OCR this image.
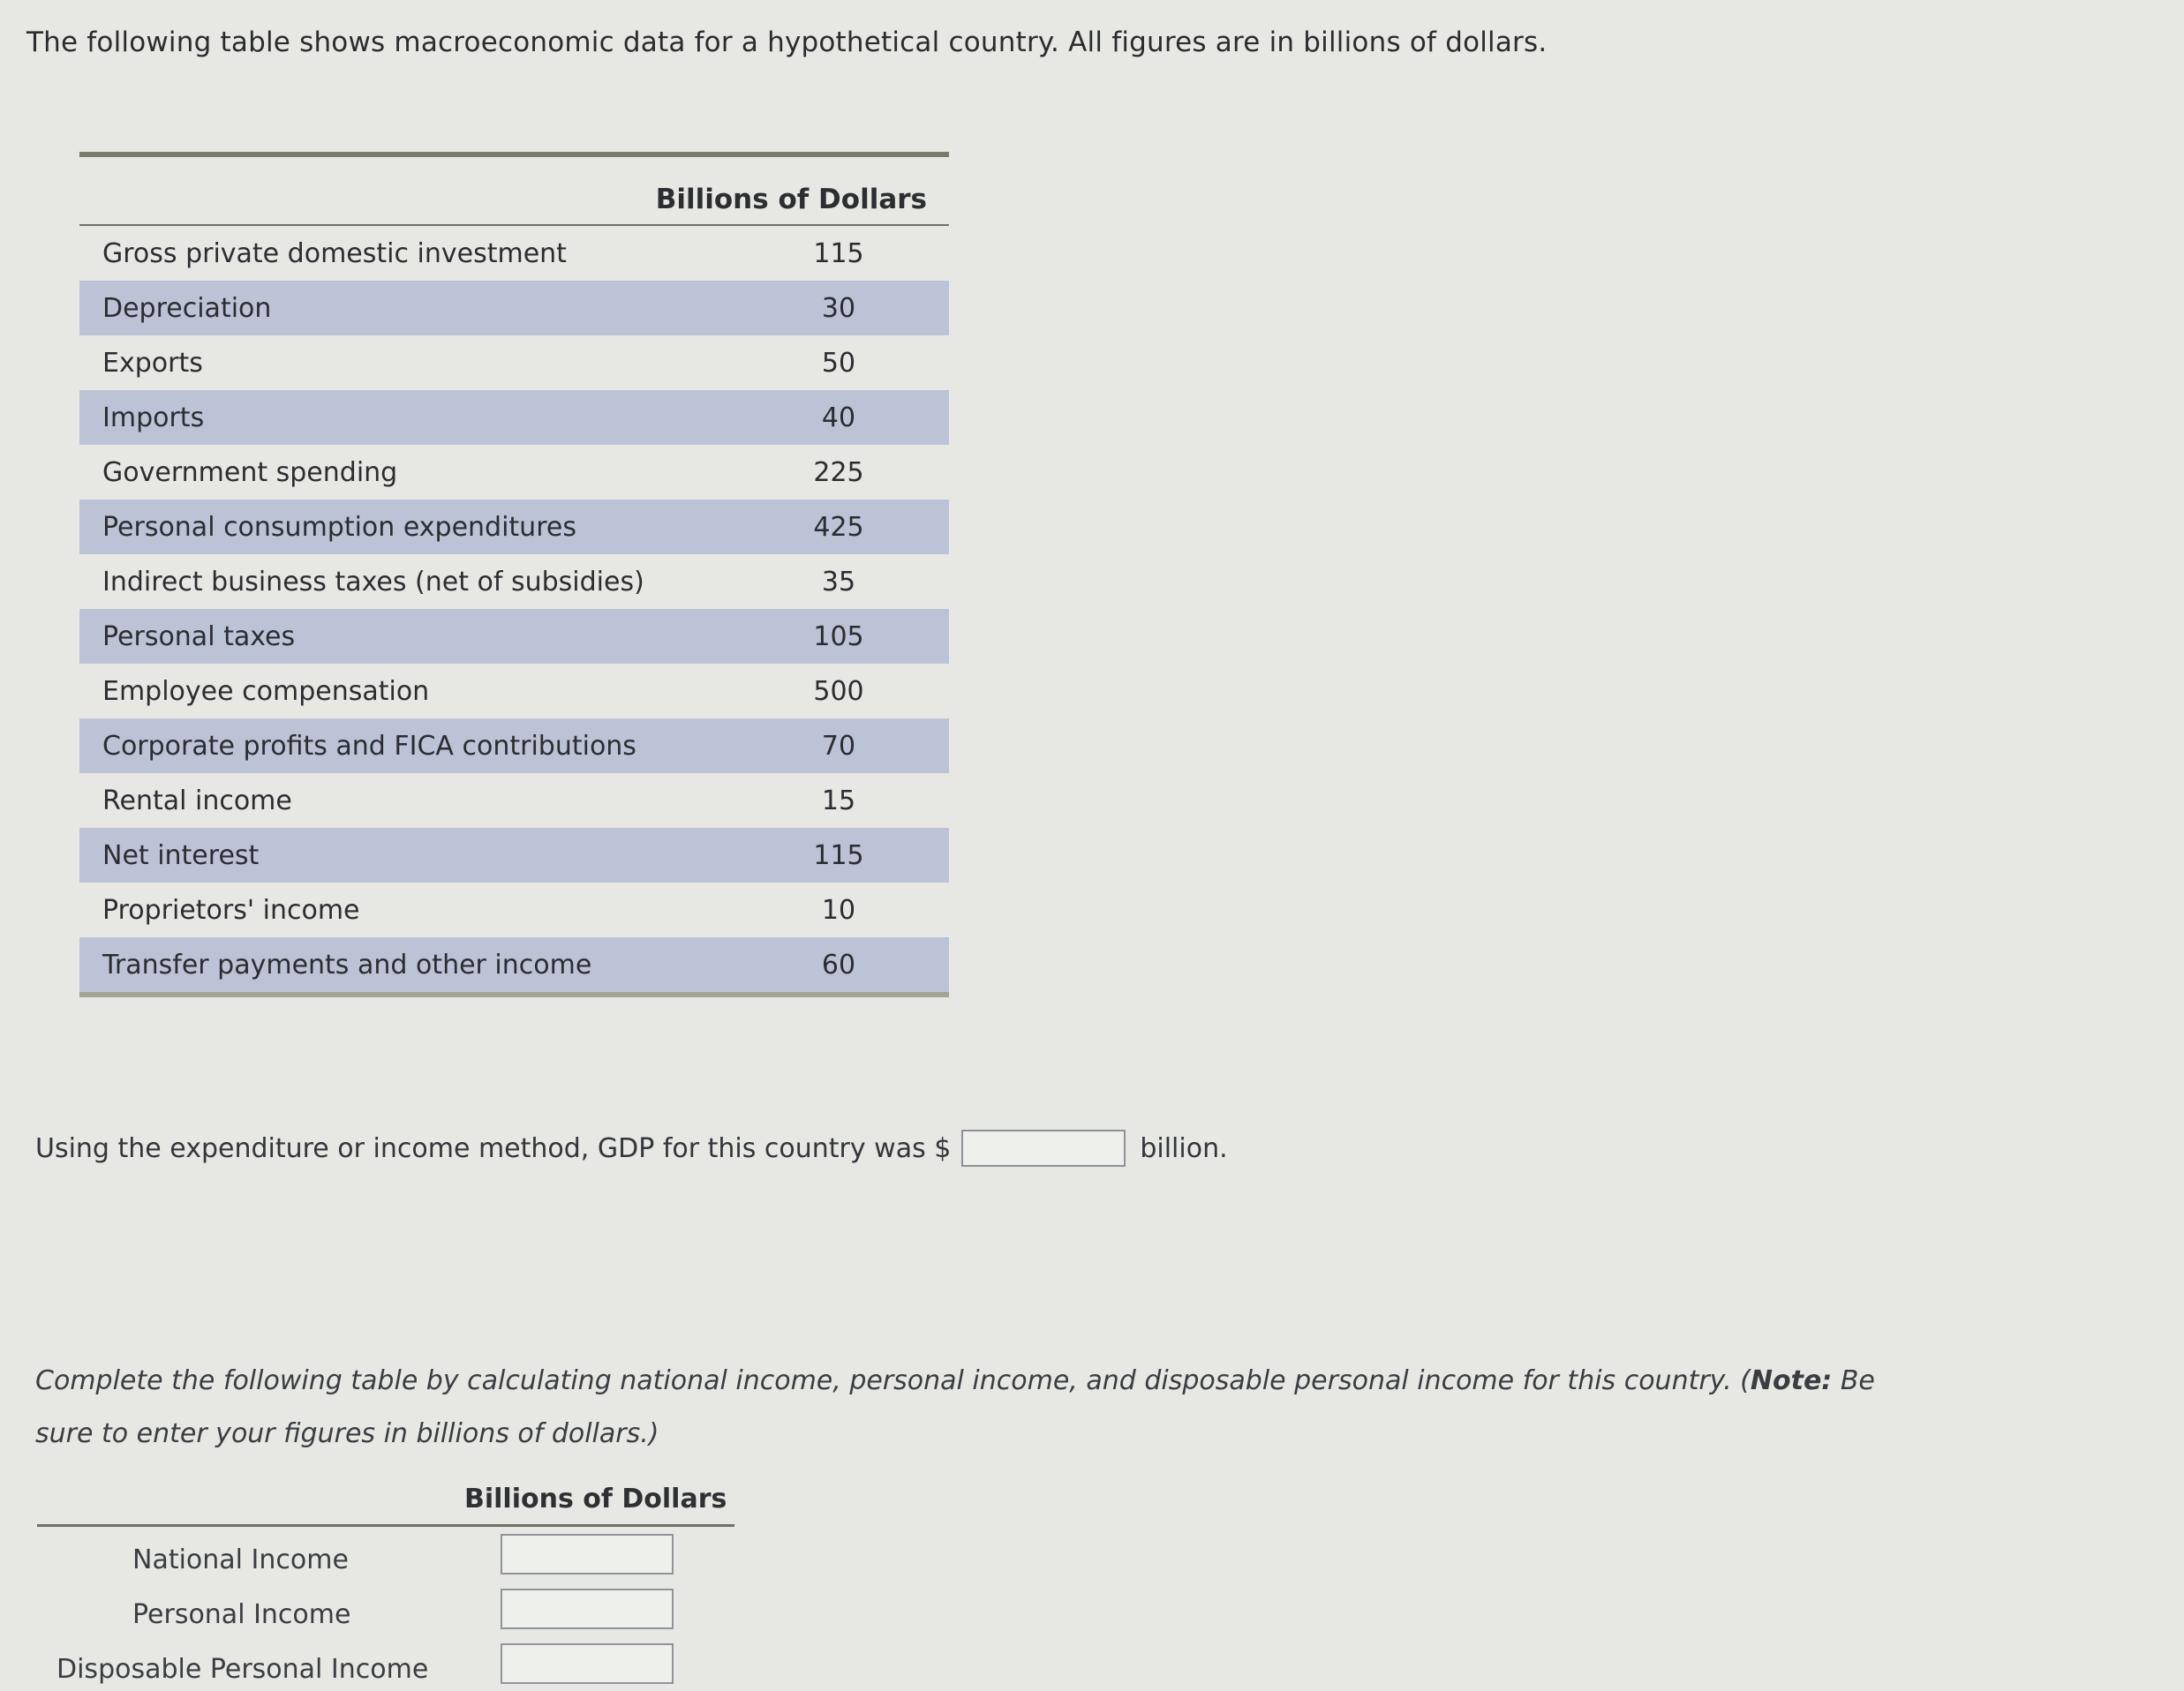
The following table shows macroeconomic data for a hypothetical country. All figures are in billions of dollars.
Billions of Dollars
Gross private domestic investment	115
Depreciation	30
Exports	50
Imports	40
Government spending	225
Personal consumption expenditures	425
Indirect business taxes (net of subsidies)	35
Personal taxes	105
Employee compensation	500
Corporate profits and FICA contributions	70
Rental income	15
Net interest	115
Proprietors' income	10
Transfer payments and other income	60
Using the expenditure or income method, GDP for this country was $	billion.
Complete the following table by calculating national income, personal income, and disposable personal income for this country. (Note: Be sure to enter your figures in billions of dollars.)
Billions of Dollars
National Income
Personal Income
Disposable Personal Income
